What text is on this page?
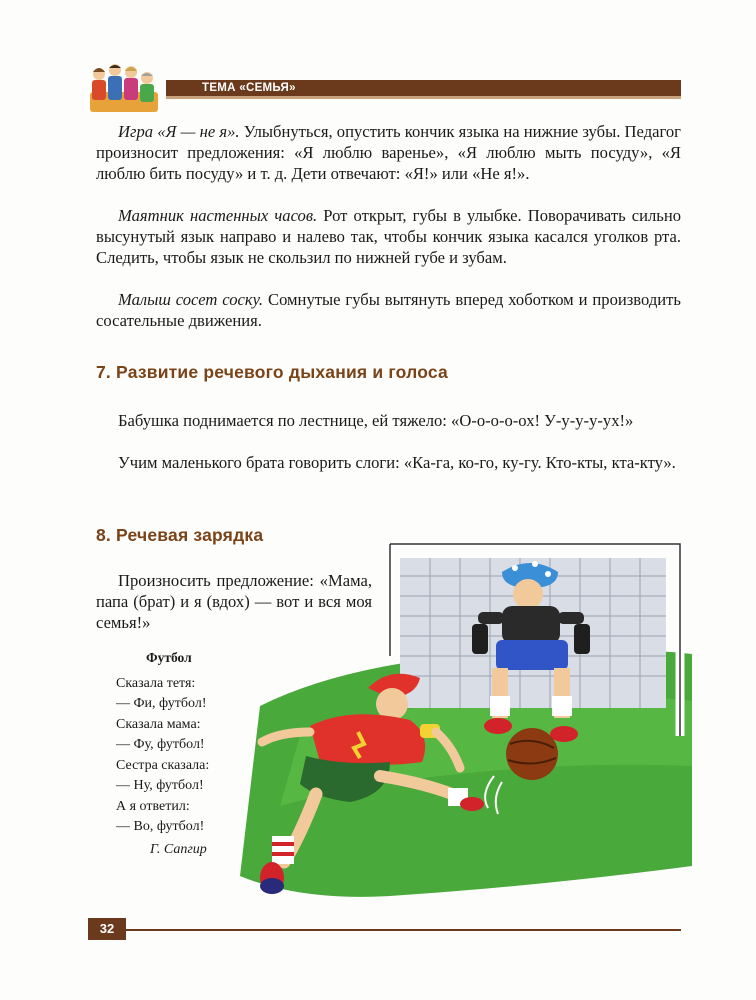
ТЕМА «СЕМЬЯ»

Игра «Я — не я». Улыбнуться, опустить кончик языка на нижние зубы. Педагог произносит предложения: «Я люблю варенье», «Я люблю мыть посуду», «Я люблю бить посуду» и т. д. Дети отвечают: «Я!» или «Не я!».

Маятник настенных часов. Рот открыт, губы в улыбке. Поворачивать сильно высунутый язык направо и налево так, чтобы кончик языка касался уголков рта. Следить, чтобы язык не скользил по нижней губе и зубам.

Малыш сосет соску. Сомнутые губы вытянуть вперед хоботком и производить сосательные движения.

7. Развитие речевого дыхания и голоса

Бабушка поднимается по лестнице, ей тяжело: «О-о-о-о-ох! У-у-у-у-ух!»

Учим маленького брата говорить слоги: «Ка-га, ко-го, ку-гу. Кто-кты, кта-кту».

8. Речевая зарядка

Произносить предложение: «Мама, папа (брат) и я (вдох) — вот и вся моя семья!»

Футбол
Сказала тетя:
— Фи, футбол!
Сказала мама:
— Фу, футбол!
Сестра сказала:
— Ну, футбол!
А я ответил:
— Во, футбол!
Г. Сапгир
32
